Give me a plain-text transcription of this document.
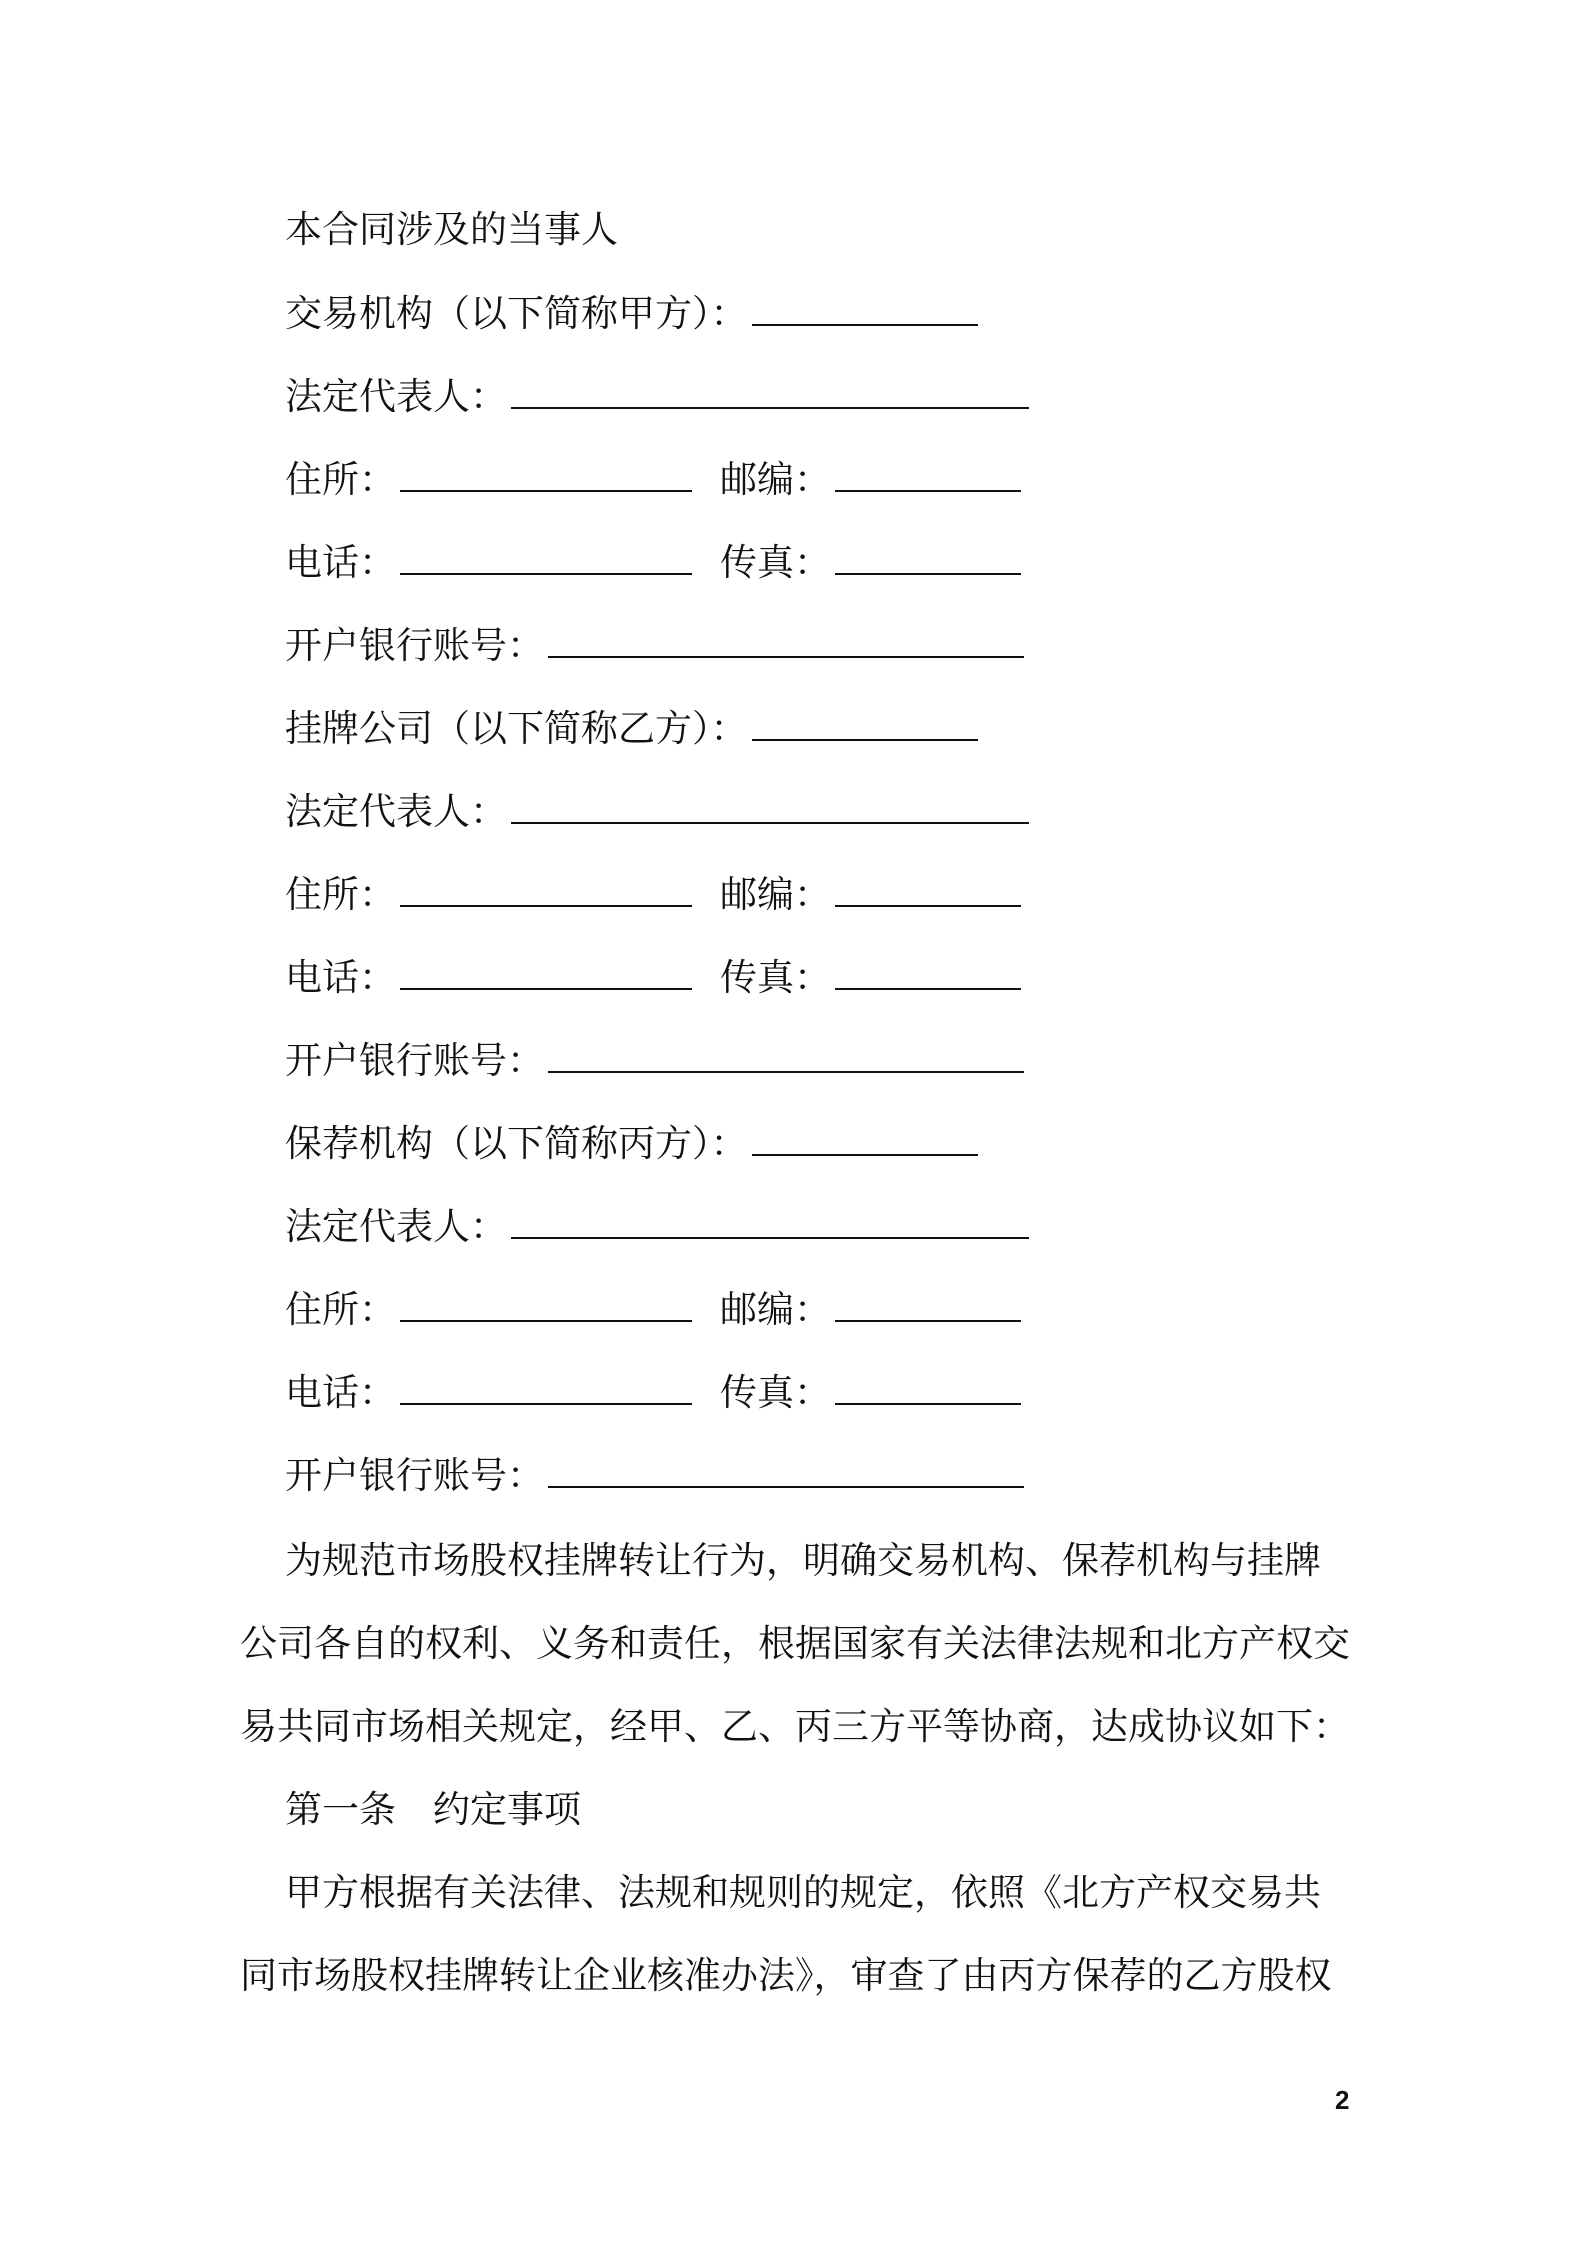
本合同涉及的当事人
交易机构（以下简称甲方）：
法定代表人：
住所：	邮编：
电话：	传真：
开户银行账号：
挂牌公司（以下简称乙方）：
法定代表人：
住所：	邮编：
电话：	传真：
开户银行账号：
保荐机构（以下简称丙方）：
法定代表人：
住所：	邮编：
电话：	传真：
开户银行账号：
为规范市场股权挂牌转让行为，明确交易机构、保荐机构与挂牌
公司各自的权利、义务和责任，根据国家有关法律法规和北方产权交
易共同市场相关规定，经甲、乙、丙三方平等协商，达成协议如下：
第一条　约定事项
甲方根据有关法律、法规和规则的规定，依照《北方产权交易共
同市场股权挂牌转让企业核准办法》，审查了由丙方保荐的乙方股权
2
